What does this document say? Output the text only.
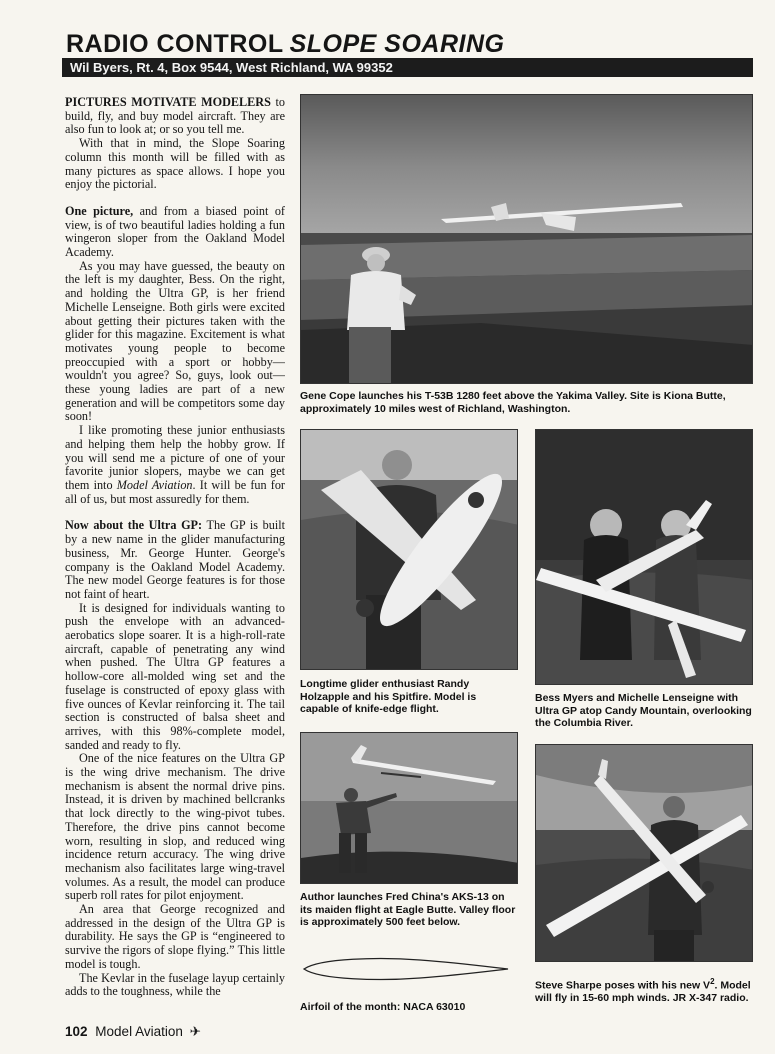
RADIO CONTROL SLOPE SOARING
Wil Byers, Rt. 4, Box 9544, West Richland, WA 99352

PICTURES MOTIVATE MODELERS to build, fly, and buy model aircraft. They are also fun to look at; or so you tell me.

With that in mind, the Slope Soaring column this month will be filled with as many pictures as space allows. I hope you enjoy the pictorial.

One picture, and from a biased point of view, is of two beautiful ladies holding a fun wingeron sloper from the Oakland Model Academy.

As you may have guessed, the beauty on the left is my daughter, Bess. On the right, and holding the Ultra GP, is her friend Michelle Lenseigne. Both girls were excited about getting their pictures taken with the glider for this magazine. Excitement is what motivates young people to become preoccupied with a sport or hobby—wouldn't you agree? So, guys, look out—these young ladies are part of a new generation and will be competitors some day soon!

I like promoting these junior enthusiasts and helping them help the hobby grow. If you will send me a picture of one of your favorite junior slopers, maybe we can get them into Model Aviation. It will be fun for all of us, but most assuredly for them.

Now about the Ultra GP: The GP is built by a new name in the glider manufacturing business, Mr. George Hunter. George's company is the Oakland Model Academy. The new model George features is for those not faint of heart.

It is designed for individuals wanting to push the envelope with an advanced-aerobatics slope soarer. It is a high-roll-rate aircraft, capable of penetrating any wind when pushed. The Ultra GP features a hollow-core all-molded wing set and the fuselage is constructed of epoxy glass with five ounces of Kevlar reinforcing it. The tail section is constructed of balsa sheet and arrives, with this 98%-complete model, sanded and ready to fly.

One of the nice features on the Ultra GP is the wing drive mechanism. The drive mechanism is absent the normal drive pins. Instead, it is driven by machined bellcranks that lock directly to the wing-pivot tubes. Therefore, the drive pins cannot become worn, resulting in slop, and reduced wing incidence return accuracy. The wing drive mechanism also facilitates large wing-travel volumes. As a result, the model can produce superb roll rates for pilot enjoyment.

An area that George recognized and addressed in the design of the Ultra GP is durability. He says the GP is “engineered to survive the rigors of slope flying.” This little model is tough.

The Kevlar in the fuselage layup certainly adds to the toughness, while the

Gene Cope launches his T-53B 1280 feet above the Yakima Valley. Site is Kiona Butte, approximately 10 miles west of Richland, Washington.
Longtime glider enthusiast Randy Holzapple and his Spitfire. Model is capable of knife-edge flight.
Bess Myers and Michelle Lenseigne with Ultra GP atop Candy Mountain, overlooking the Columbia River.
Author launches Fred China's AKS-13 on its maiden flight at Eagle Butte. Valley floor is approximately 500 feet below.
Airfoil of the month: NACA 63010
Steve Sharpe poses with his new $V^2$. Model will fly in 15-60 mph winds. JR X-347 radio.
102 Model Aviation ✈
